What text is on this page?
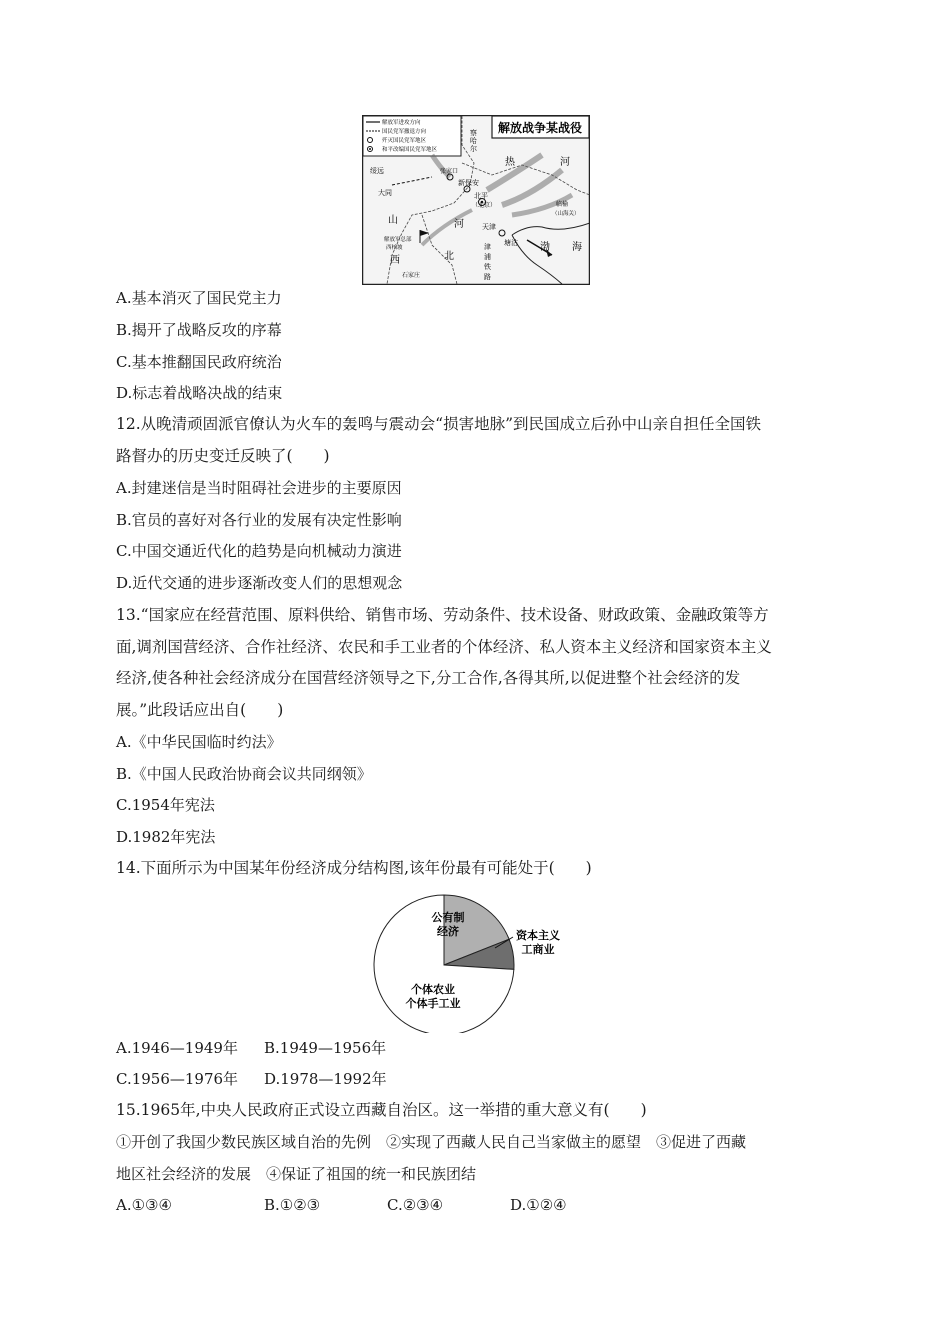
解放军进攻方向
国民党军撤退方向
歼灭国民党军地区
和平改编国民党军地区
解放战争某战役
察
哈
尔
热	河
绥远
大同
张家口
新保安
北平
（北京）
山	河
北
西
天津
塘沽
临榆
（山海关）
渤 海
解放军总部
西柏坡
石家庄
津
浦
铁
路
A.基本消灭了国民党主力
B.揭开了战略反攻的序幕
C.基本推翻国民政府统治
D.标志着战略决战的结束
12.从晚清顽固派官僚认为火车的轰鸣与震动会“损害地脉”到民国成立后孙中山亲自担任全国铁
路督办的历史变迁反映了(　　)
A.封建迷信是当时阻碍社会进步的主要原因
B.官员的喜好对各行业的发展有决定性影响
C.中国交通近代化的趋势是向机械动力演进
D.近代交通的进步逐渐改变人们的思想观念
13.“国家应在经营范围、原料供给、销售市场、劳动条件、技术设备、财政政策、金融政策等方
面,调剂国营经济、合作社经济、农民和手工业者的个体经济、私人资本主义经济和国家资本主义
经济,使各种社会经济成分在国营经济领导之下,分工合作,各得其所,以促进整个社会经济的发
展。”此段话应出自(　　)
A.《中华民国临时约法》
B.《中国人民政治协商会议共同纲领》
C.1954年宪法
D.1982年宪法
14.下面所示为中国某年份经济成分结构图,该年份最有可能处于(　　)
公有制
经济	资本主义
工商业
个体农业
个体手工业
A.1946—1949年 B.1949—1956年
C.1956—1976年 D.1978—1992年
15.1965年,中央人民政府正式设立西藏自治区。这一举措的重大意义有(　　)
①开创了我国少数民族区域自治的先例　②实现了西藏人民自己当家做主的愿望　③促进了西藏
地区社会经济的发展　④保证了祖国的统一和民族团结
A.①③④	B.①②③	C.②③④	D.①②④
